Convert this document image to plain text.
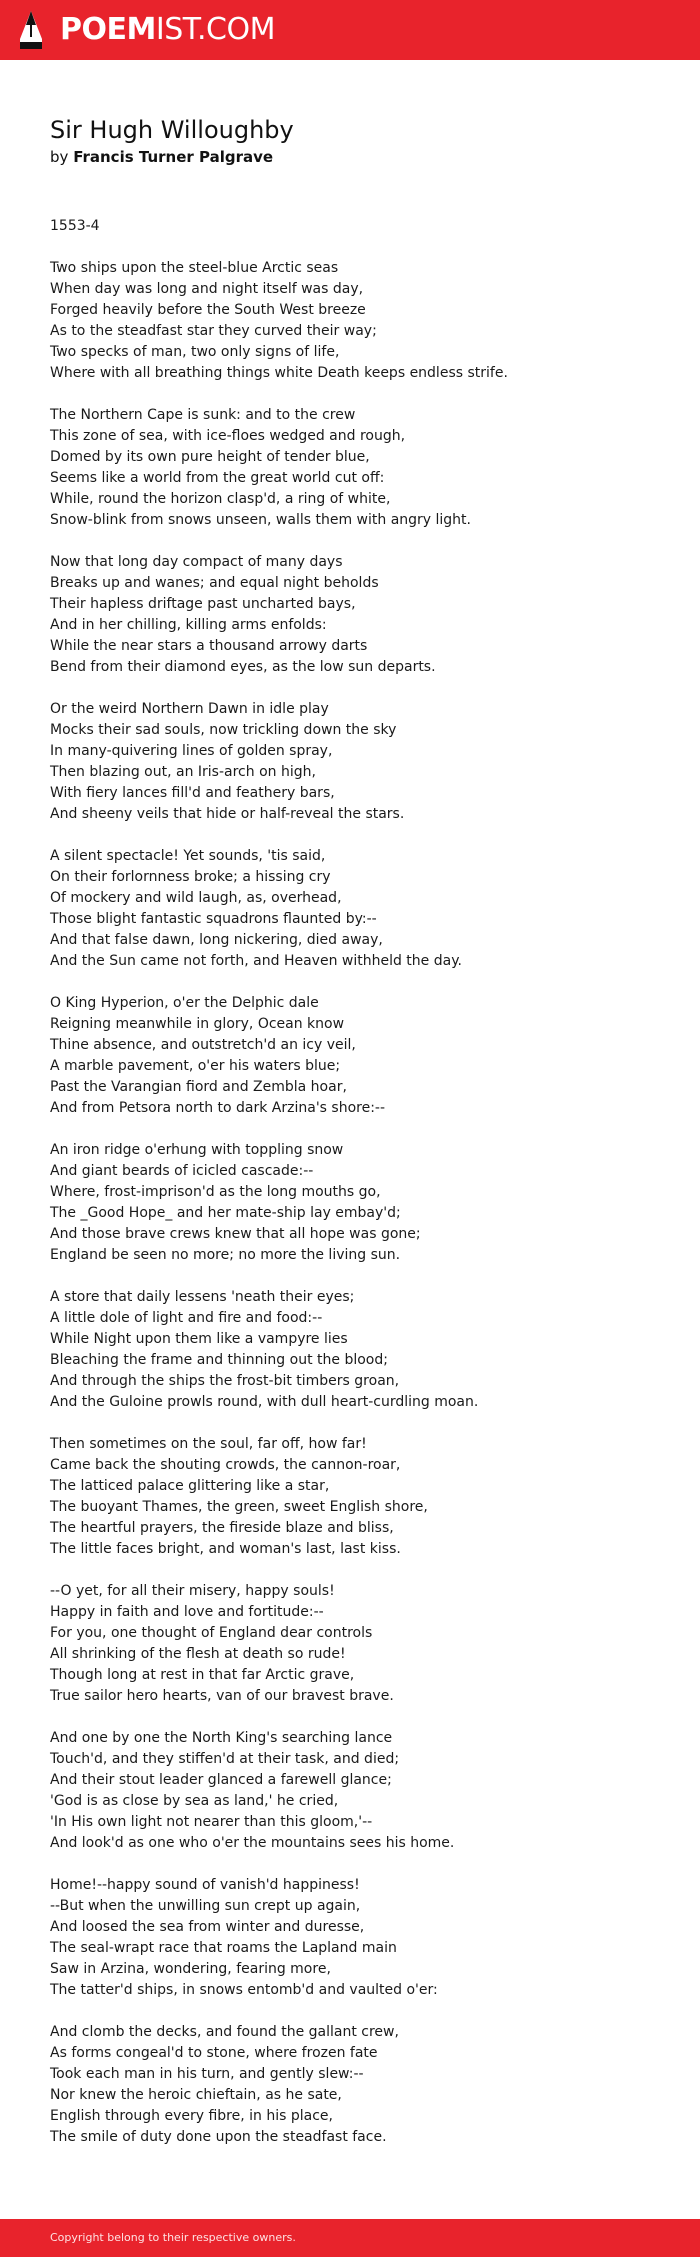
POEMIST.COM
Sir Hugh Willoughby

by Francis Turner Palgrave

1553-4
Two ships upon the steel-blue Arctic seas
When day was long and night itself was day,
Forged heavily before the South West breeze
As to the steadfast star they curved their way;
Two specks of man, two only signs of life,
Where with all breathing things white Death keeps endless strife.
The Northern Cape is sunk: and to the crew
This zone of sea, with ice-floes wedged and rough,
Domed by its own pure height of tender blue,
Seems like a world from the great world cut off:
While, round the horizon clasp'd, a ring of white,
Snow-blink from snows unseen, walls them with angry light.
Now that long day compact of many days
Breaks up and wanes; and equal night beholds
Their hapless driftage past uncharted bays,
And in her chilling, killing arms enfolds:
While the near stars a thousand arrowy darts
Bend from their diamond eyes, as the low sun departs.
Or the weird Northern Dawn in idle play
Mocks their sad souls, now trickling down the sky
In many-quivering lines of golden spray,
Then blazing out, an Iris-arch on high,
With fiery lances fill'd and feathery bars,
And sheeny veils that hide or half-reveal the stars.
A silent spectacle! Yet sounds, 'tis said,
On their forlornness broke; a hissing cry
Of mockery and wild laugh, as, overhead,
Those blight fantastic squadrons flaunted by:--
And that false dawn, long nickering, died away,
And the Sun came not forth, and Heaven withheld the day.
O King Hyperion, o'er the Delphic dale
Reigning meanwhile in glory, Ocean know
Thine absence, and outstretch'd an icy veil,
A marble pavement, o'er his waters blue;
Past the Varangian fiord and Zembla hoar,
And from Petsora north to dark Arzina's shore:--
An iron ridge o'erhung with toppling snow
And giant beards of icicled cascade:--
Where, frost-imprison'd as the long mouths go,
The _Good Hope_ and her mate-ship lay embay'd;
And those brave crews knew that all hope was gone;
England be seen no more; no more the living sun.
A store that daily lessens 'neath their eyes;
A little dole of light and fire and food:--
While Night upon them like a vampyre lies
Bleaching the frame and thinning out the blood;
And through the ships the frost-bit timbers groan,
And the Guloine prowls round, with dull heart-curdling moan.
Then sometimes on the soul, far off, how far!
Came back the shouting crowds, the cannon-roar,
The latticed palace glittering like a star,
The buoyant Thames, the green, sweet English shore,
The heartful prayers, the fireside blaze and bliss,
The little faces bright, and woman's last, last kiss.
--O yet, for all their misery, happy souls!
Happy in faith and love and fortitude:--
For you, one thought of England dear controls
All shrinking of the flesh at death so rude!
Though long at rest in that far Arctic grave,
True sailor hero hearts, van of our bravest brave.
And one by one the North King's searching lance
Touch'd, and they stiffen'd at their task, and died;
And their stout leader glanced a farewell glance;
'God is as close by sea as land,' he cried,
'In His own light not nearer than this gloom,'--
And look'd as one who o'er the mountains sees his home.
Home!--happy sound of vanish'd happiness!
--But when the unwilling sun crept up again,
And loosed the sea from winter and duresse,
The seal-wrapt race that roams the Lapland main
Saw in Arzina, wondering, fearing more,
The tatter'd ships, in snows entomb'd and vaulted o'er:
And clomb the decks, and found the gallant crew,
As forms congeal'd to stone, where frozen fate
Took each man in his turn, and gently slew:--
Nor knew the heroic chieftain, as he sate,
English through every fibre, in his place,
The smile of duty done upon the steadfast face.
Copyright belong to their respective owners.
